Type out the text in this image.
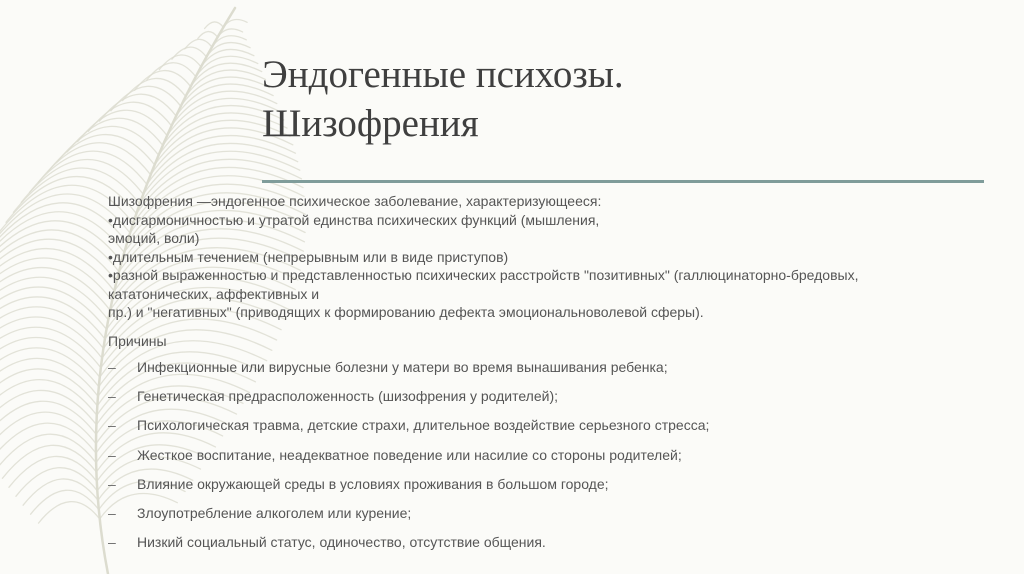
Эндогенные психозы.
Шизофрения
Шизофрения —эндогенное психическое заболевание, характеризующееся:
•дисгармоничностью и утратой единства психических функций (мышления,
эмоций, воли)
•длительным течением (непрерывным или в виде приступов)
•разной выраженностью и представленностью психических расстройств "позитивных" (галлюцинаторно-бредовых,
кататонических, аффективных и
пр.) и "негативных" (приводящих к формированию дефекта эмоциональноволевой сферы).
Причины
–	Инфекционные или вирусные болезни у матери во время вынашивания ребенка;
–	Генетическая предрасположенность (шизофрения у родителей);
–	Психологическая травма, детские страхи, длительное воздействие серьезного стресса;
–	Жесткое воспитание, неадекватное поведение или насилие со стороны родителей;
–	Влияние окружающей среды в условиях проживания в большом городе;
–	Злоупотребление алкоголем или курение;
–	Низкий социальный статус, одиночество, отсутствие общения.
